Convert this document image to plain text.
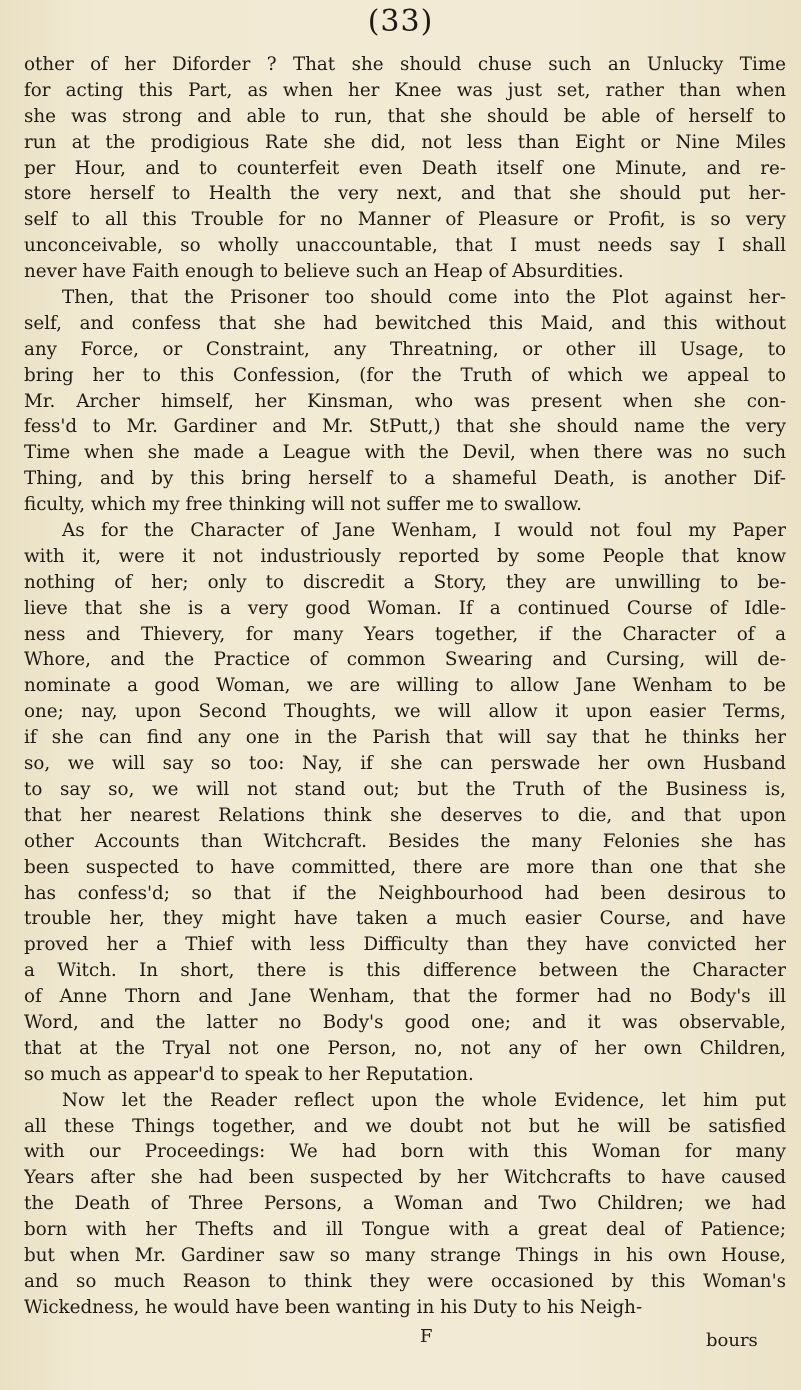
(33)
other of her Diforder ? That she should chuse such an Unlucky Time
for acting this Part, as when her Knee was just set, rather than when
she was strong and able to run, that she should be able of herself to
run at the prodigious Rate she did, not less than Eight or Nine Miles
per Hour, and to counterfeit even Death itself one Minute, and re-
store herself to Health the very next, and that she should put her-
self to all this Trouble for no Manner of Pleasure or Profit, is so very
unconceivable, so wholly unaccountable, that I must needs say I shall
never have Faith enough to believe such an Heap of Absurdities.
Then, that the Prisoner too should come into the Plot against her-
self, and confess that she had bewitched this Maid, and this without
any Force, or Constraint, any Threatning, or other ill Usage, to
bring her to this Confession, (for the Truth of which we appeal to
Mr. Archer himself, her Kinsman, who was present when she con-
fess'd to Mr. Gardiner and Mr. StPutt,) that she should name the very
Time when she made a League with the Devil, when there was no such
Thing, and by this bring herself to a shameful Death, is another Dif-
ficulty, which my free thinking will not suffer me to swallow.
As for the Character of Jane Wenham, I would not foul my Paper
with it, were it not industriously reported by some People that know
nothing of her; only to discredit a Story, they are unwilling to be-
lieve that she is a very good Woman. If a continued Course of Idle-
ness and Thievery, for many Years together, if the Character of a
Whore, and the Practice of common Swearing and Cursing, will de-
nominate a good Woman, we are willing to allow Jane Wenham to be
one; nay, upon Second Thoughts, we will allow it upon easier Terms,
if she can find any one in the Parish that will say that he thinks her
so, we will say so too: Nay, if she can perswade her own Husband
to say so, we will not stand out; but the Truth of the Business is,
that her nearest Relations think she deserves to die, and that upon
other Accounts than Witchcraft. Besides the many Felonies she has
been suspected to have committed, there are more than one that she
has confess'd; so that if the Neighbourhood had been desirous to
trouble her, they might have taken a much easier Course, and have
proved her a Thief with less Difficulty than they have convicted her
a Witch. In short, there is this difference between the Character
of Anne Thorn and Jane Wenham, that the former had no Body's ill
Word, and the latter no Body's good one; and it was observable,
that at the Tryal not one Person, no, not any of her own Children,
so much as appear'd to speak to her Reputation.
Now let the Reader reflect upon the whole Evidence, let him put
all these Things together, and we doubt not but he will be satisfied
with our Proceedings: We had born with this Woman for many
Years after she had been suspected by her Witchcrafts to have caused
the Death of Three Persons, a Woman and Two Children; we had
born with her Thefts and ill Tongue with a great deal of Patience;
but when Mr. Gardiner saw so many strange Things in his own House,
and so much Reason to think they were occasioned by this Woman's
Wickedness, he would have been wanting in his Duty to his Neigh-
F	bours
